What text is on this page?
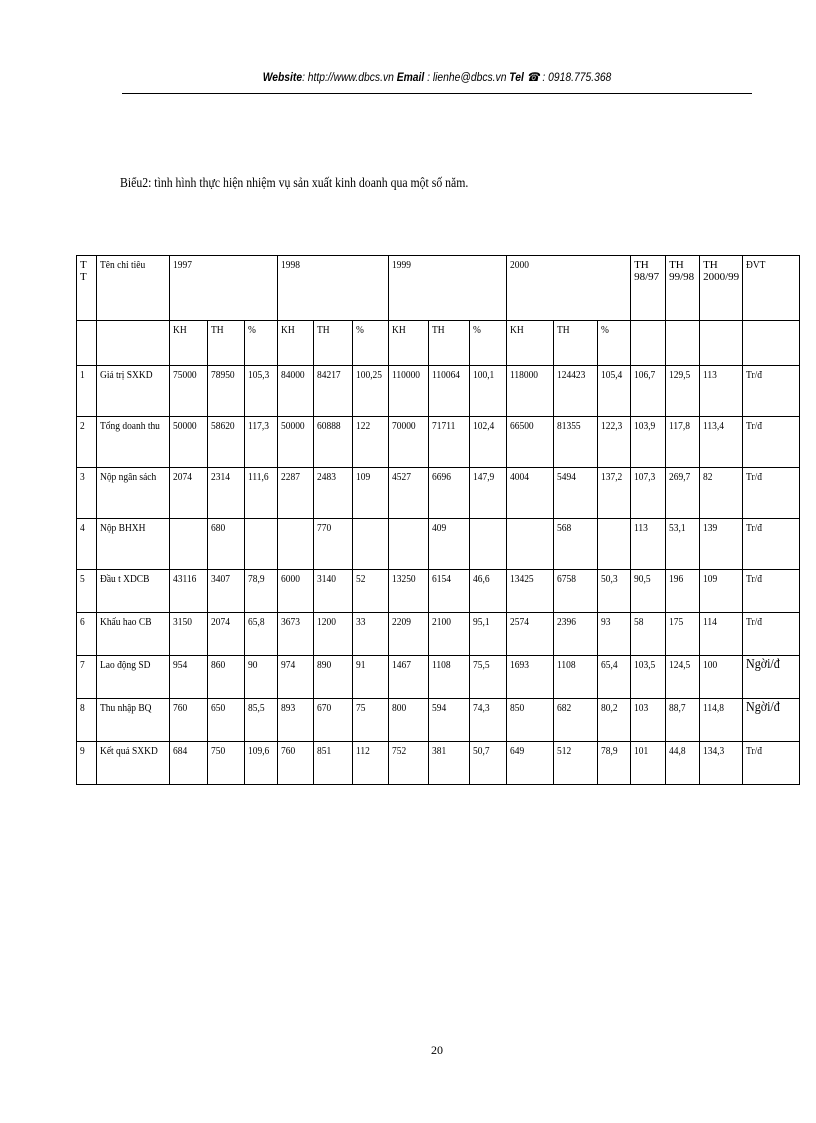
Website: http://www.dbcs.vn Email : lienhe@dbcs.vn Tel ☎ : 0918.775.368
Biểu2: tình hình thực hiện nhiệm vụ sản xuất kinh doanh qua một số năm.
T T	Tên chỉ tiêu	1997			1998			1999			2000			TH 98/97	TH 99/98	TH 2000/99	ĐVT
		KH	TH	%	KH	TH	%	KH	TH	%	KH	TH	%				
1	Giá trị SXKD	75000	78950	105,3	84000	84217	100,25	110000	110064	100,1	118000	124423	105,4	106,7	129,5	113	Tr/đ
2	Tổng doanh thu	50000	58620	117,3	50000	60888	122	70000	71711	102,4	66500	81355	122,3	103,9	117,8	113,4	Tr/đ
3	Nộp ngân sách	2074	2314	111,6	2287	2483	109	4527	6696	147,9	4004	5494	137,2	107,3	269,7	82	Tr/đ
4	Nộp BHXH		680			770			409			568		113	53,1	139	Tr/đ
5	Đầu t XDCB	43116	3407	78,9	6000	3140	52	13250	6154	46,6	13425	6758	50,3	90,5	196	109	Tr/đ
6	Khấu hao CB	3150	2074	65,8	3673	1200	33	2209	2100	95,1	2574	2396	93	58	175	114	Tr/đ
7	Lao động SD	954	860	90	974	890	91	1467	1108	75,5	1693	1108	65,4	103,5	124,5	100	Ngời/đ
8	Thu nhập BQ	760	650	85,5	893	670	75	800	594	74,3	850	682	80,2	103	88,7	114,8	Ngời/đ
9	Kết quả SXKD	684	750	109,6	760	851	112	752	381	50,7	649	512	78,9	101	44,8	134,3	Tr/đ
20
